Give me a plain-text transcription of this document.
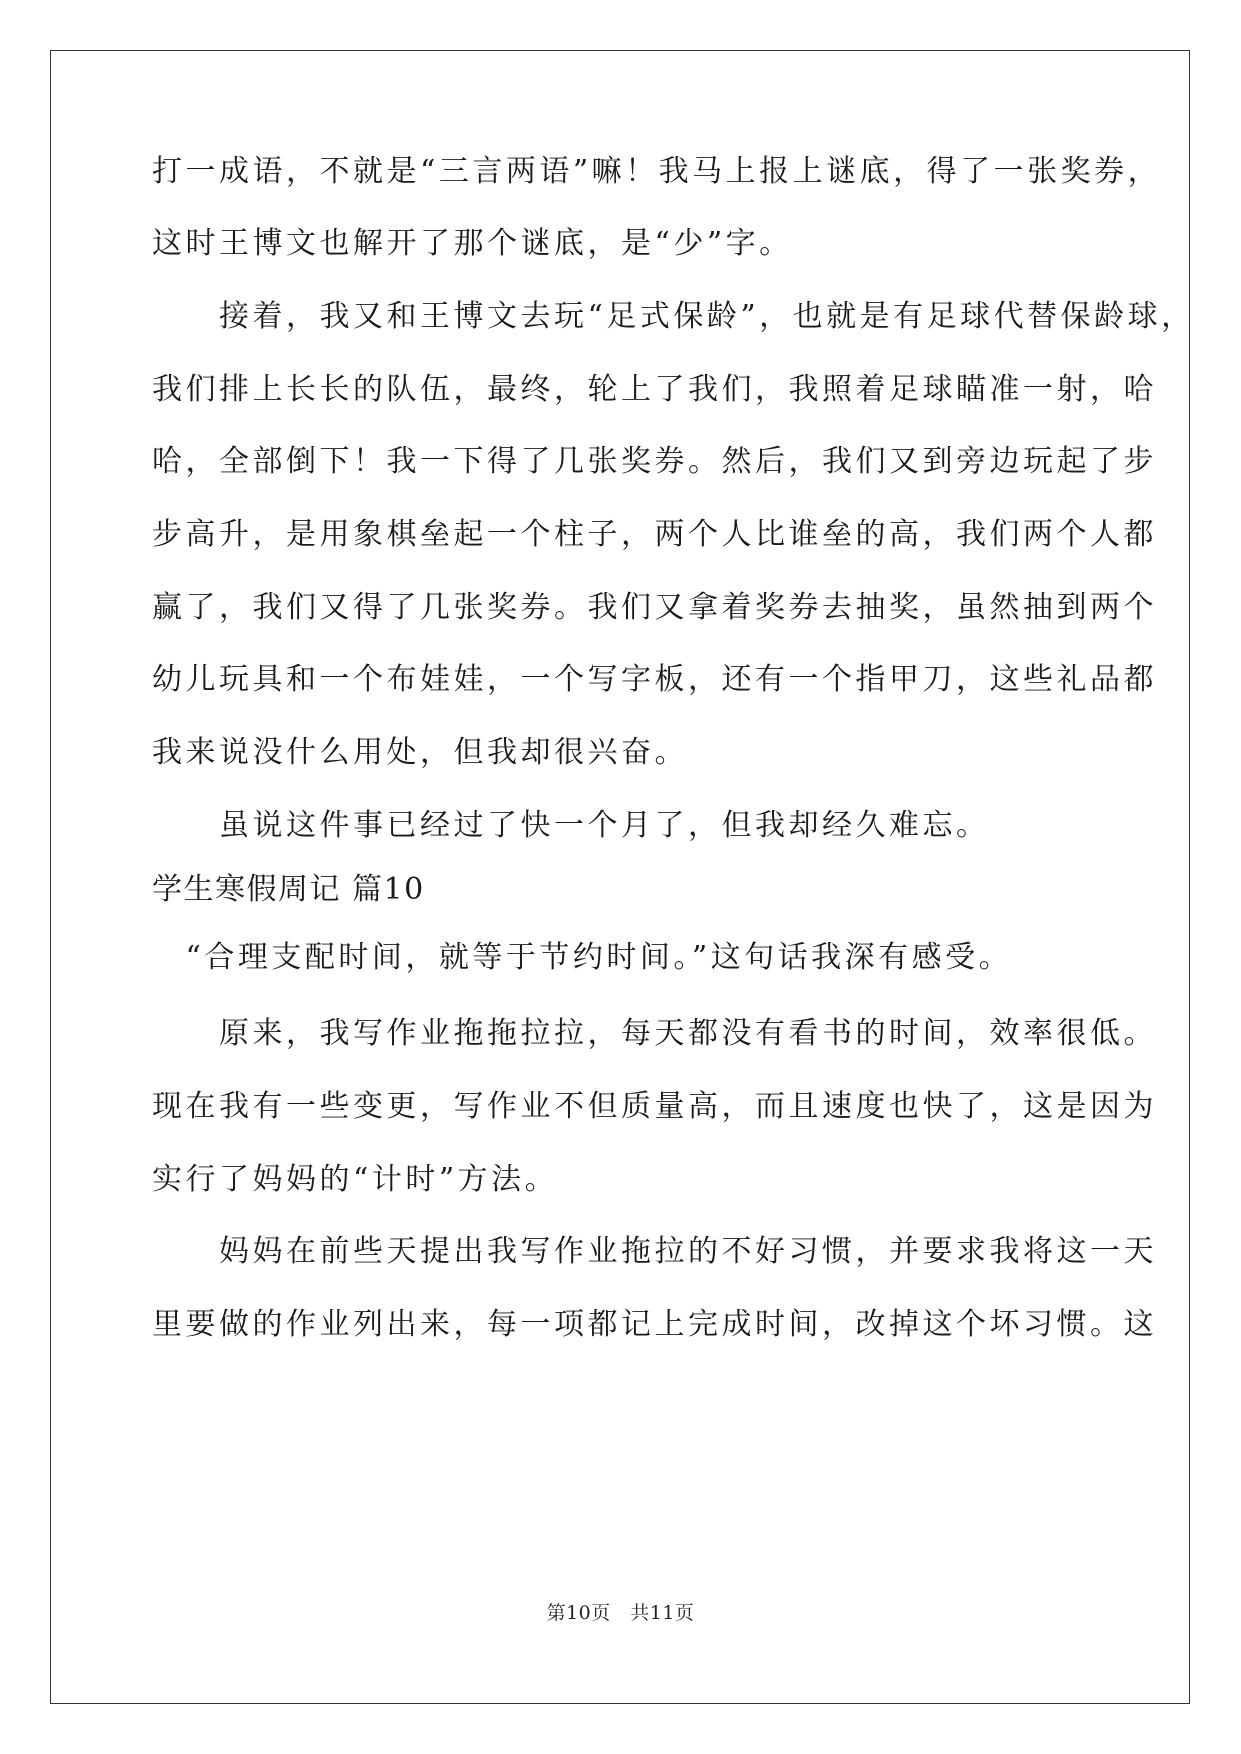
打一成语，不就是“三言两语”嘛！我马上报上谜底，得了一张奖券，
这时王博文也解开了那个谜底，是“少”字。
　　接着，我又和王博文去玩“足式保龄”，也就是有足球代替保龄球，
我们排上长长的队伍，最终，轮上了我们，我照着足球瞄准一射，哈
哈，全部倒下！我一下得了几张奖券。然后，我们又到旁边玩起了步
步高升，是用象棋垒起一个柱子，两个人比谁垒的高，我们两个人都
赢了，我们又得了几张奖券。我们又拿着奖券去抽奖，虽然抽到两个
幼儿玩具和一个布娃娃，一个写字板，还有一个指甲刀，这些礼品都
我来说没什么用处，但我却很兴奋。
　　虽说这件事已经过了快一个月了，但我却经久难忘。
学生寒假周记 篇10
　“合理支配时间，就等于节约时间。”这句话我深有感受。
　　原来，我写作业拖拖拉拉，每天都没有看书的时间，效率很低。
现在我有一些变更，写作业不但质量高，而且速度也快了，这是因为
实行了妈妈的“计时”方法。
　　妈妈在前些天提出我写作业拖拉的不好习惯，并要求我将这一天
里要做的作业列出来，每一项都记上完成时间，改掉这个坏习惯。这
第10页　共11页
